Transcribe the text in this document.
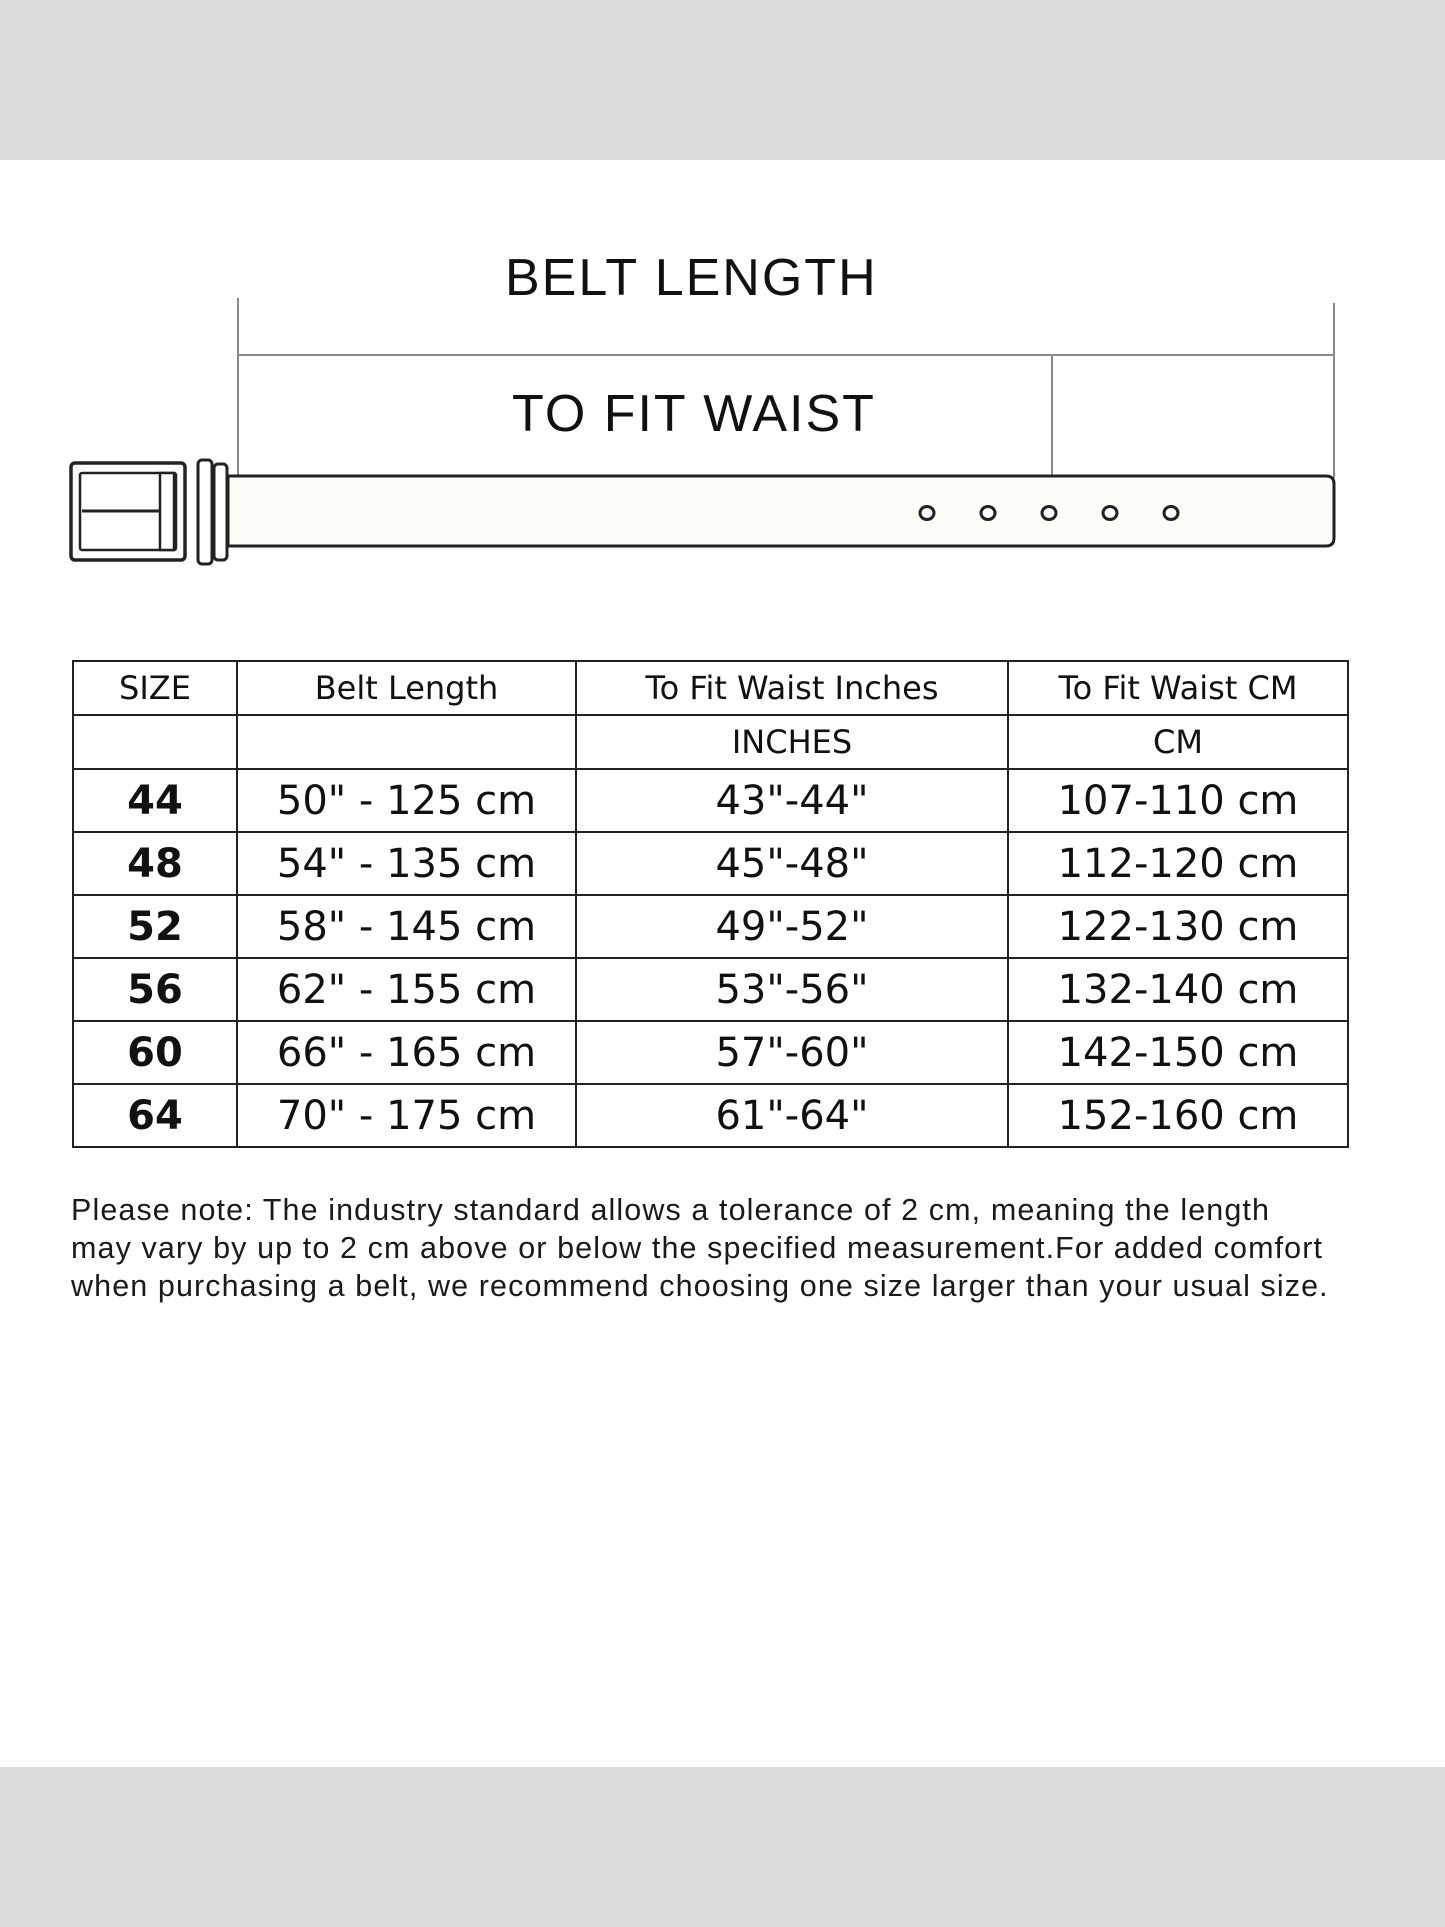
BELT LENGTH
TO FIT WAIST
SIZE	Belt Length	To Fit Waist Inches	To Fit Waist CM
		INCHES	CM
44	50" - 125 cm	43"-44"	107-110 cm
48	54" - 135 cm	45"-48"	112-120 cm
52	58" - 145 cm	49"-52"	122-130 cm
56	62" - 155 cm	53"-56"	132-140 cm
60	66" - 165 cm	57"-60"	142-150 cm
64	70" - 175 cm	61"-64"	152-160 cm

Please note: The industry standard allows a tolerance of 2 cm, meaning the length
may vary by up to 2 cm above or below the specified measurement.For added comfort
when purchasing a belt, we recommend choosing one size larger than your usual size.
